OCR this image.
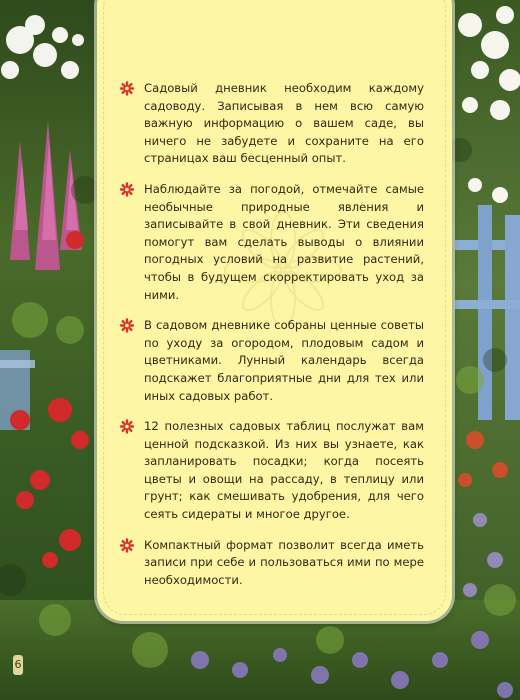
Садовый дневник необходим каждому садоводу. Записывая в нем всю самую важную информацию о вашем саде, вы ничего не забудете и сохраните на его страницах ваш бесценный опыт.
Наблюдайте за погодой, отмечайте самые необычные природные явления и записывайте в свой дневник. Эти сведения помогут вам сделать выводы о влиянии погодных условий на развитие растений, чтобы в будущем скорректировать уход за ними.
В садовом дневнике собраны ценные советы по уходу за огородом, плодовым садом и цветниками. Лунный календарь всегда подскажет благоприятные дни для тех или иных садовых работ.
12 полезных садовых таблиц послужат вам ценной подсказкой. Из них вы узнаете, как запланировать посадки; когда посеять цветы и овощи на рассаду, в теплицу или грунт; как смешивать удобрения, для чего сеять сидераты и многое другое.
Компактный формат позволит всегда иметь записи при себе и пользоваться ими по мере необходимости.
6
